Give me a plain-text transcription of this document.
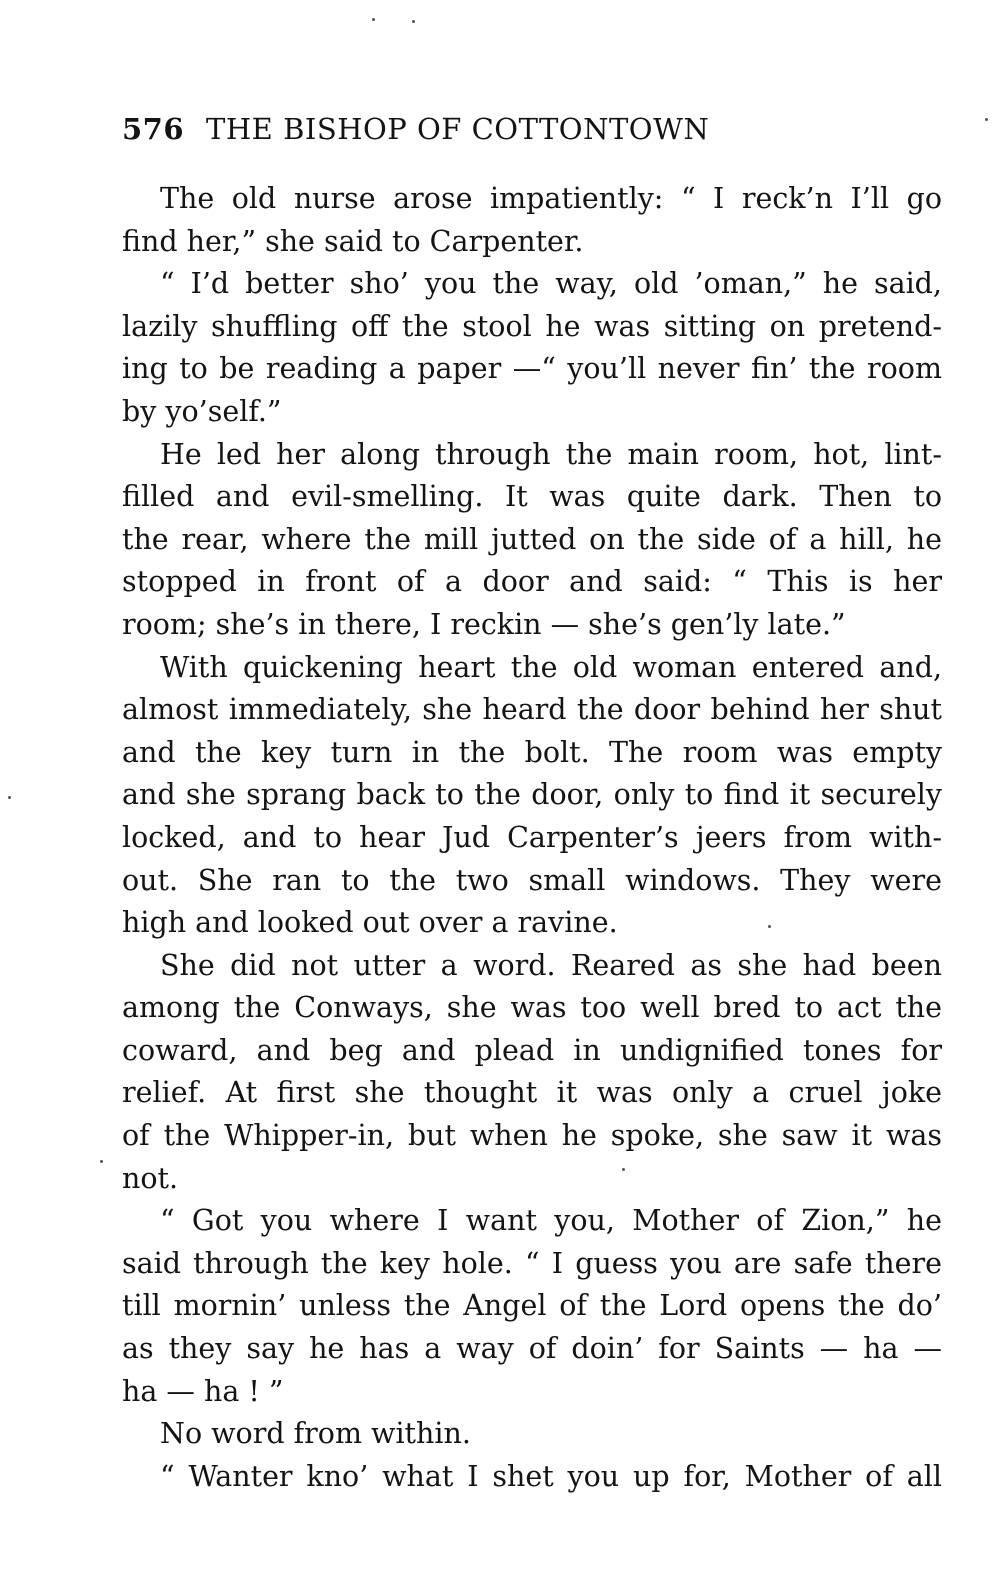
576 THE BISHOP OF COTTONTOWN
The old nurse arose impatiently: “ I reck’n I’ll go
find her,” she said to Carpenter.
“ I’d better sho’ you the way, old ’oman,” he said,
lazily shuffling off the stool he was sitting on pretend-
ing to be reading a paper —“ you’ll never fin’ the room
by yo’self.”
He led her along through the main room, hot, lint-
filled and evil-smelling. It was quite dark. Then to
the rear, where the mill jutted on the side of a hill, he
stopped in front of a door and said: “ This is her
room; she’s in there, I reckin — she’s gen’ly late.”
With quickening heart the old woman entered and,
almost immediately, she heard the door behind her shut
and the key turn in the bolt. The room was empty
and she sprang back to the door, only to find it securely
locked, and to hear Jud Carpenter’s jeers from with-
out. She ran to the two small windows. They were
high and looked out over a ravine.
She did not utter a word. Reared as she had been
among the Conways, she was too well bred to act the
coward, and beg and plead in undignified tones for
relief. At first she thought it was only a cruel joke
of the Whipper-in, but when he spoke, she saw it was
not.
“ Got you where I want you, Mother of Zion,” he
said through the key hole. “ I guess you are safe there
till mornin’ unless the Angel of the Lord opens the do’
as they say he has a way of doin’ for Saints — ha —
ha — ha ! ”
No word from within.
“ Wanter kno’ what I shet you up for, Mother of all
